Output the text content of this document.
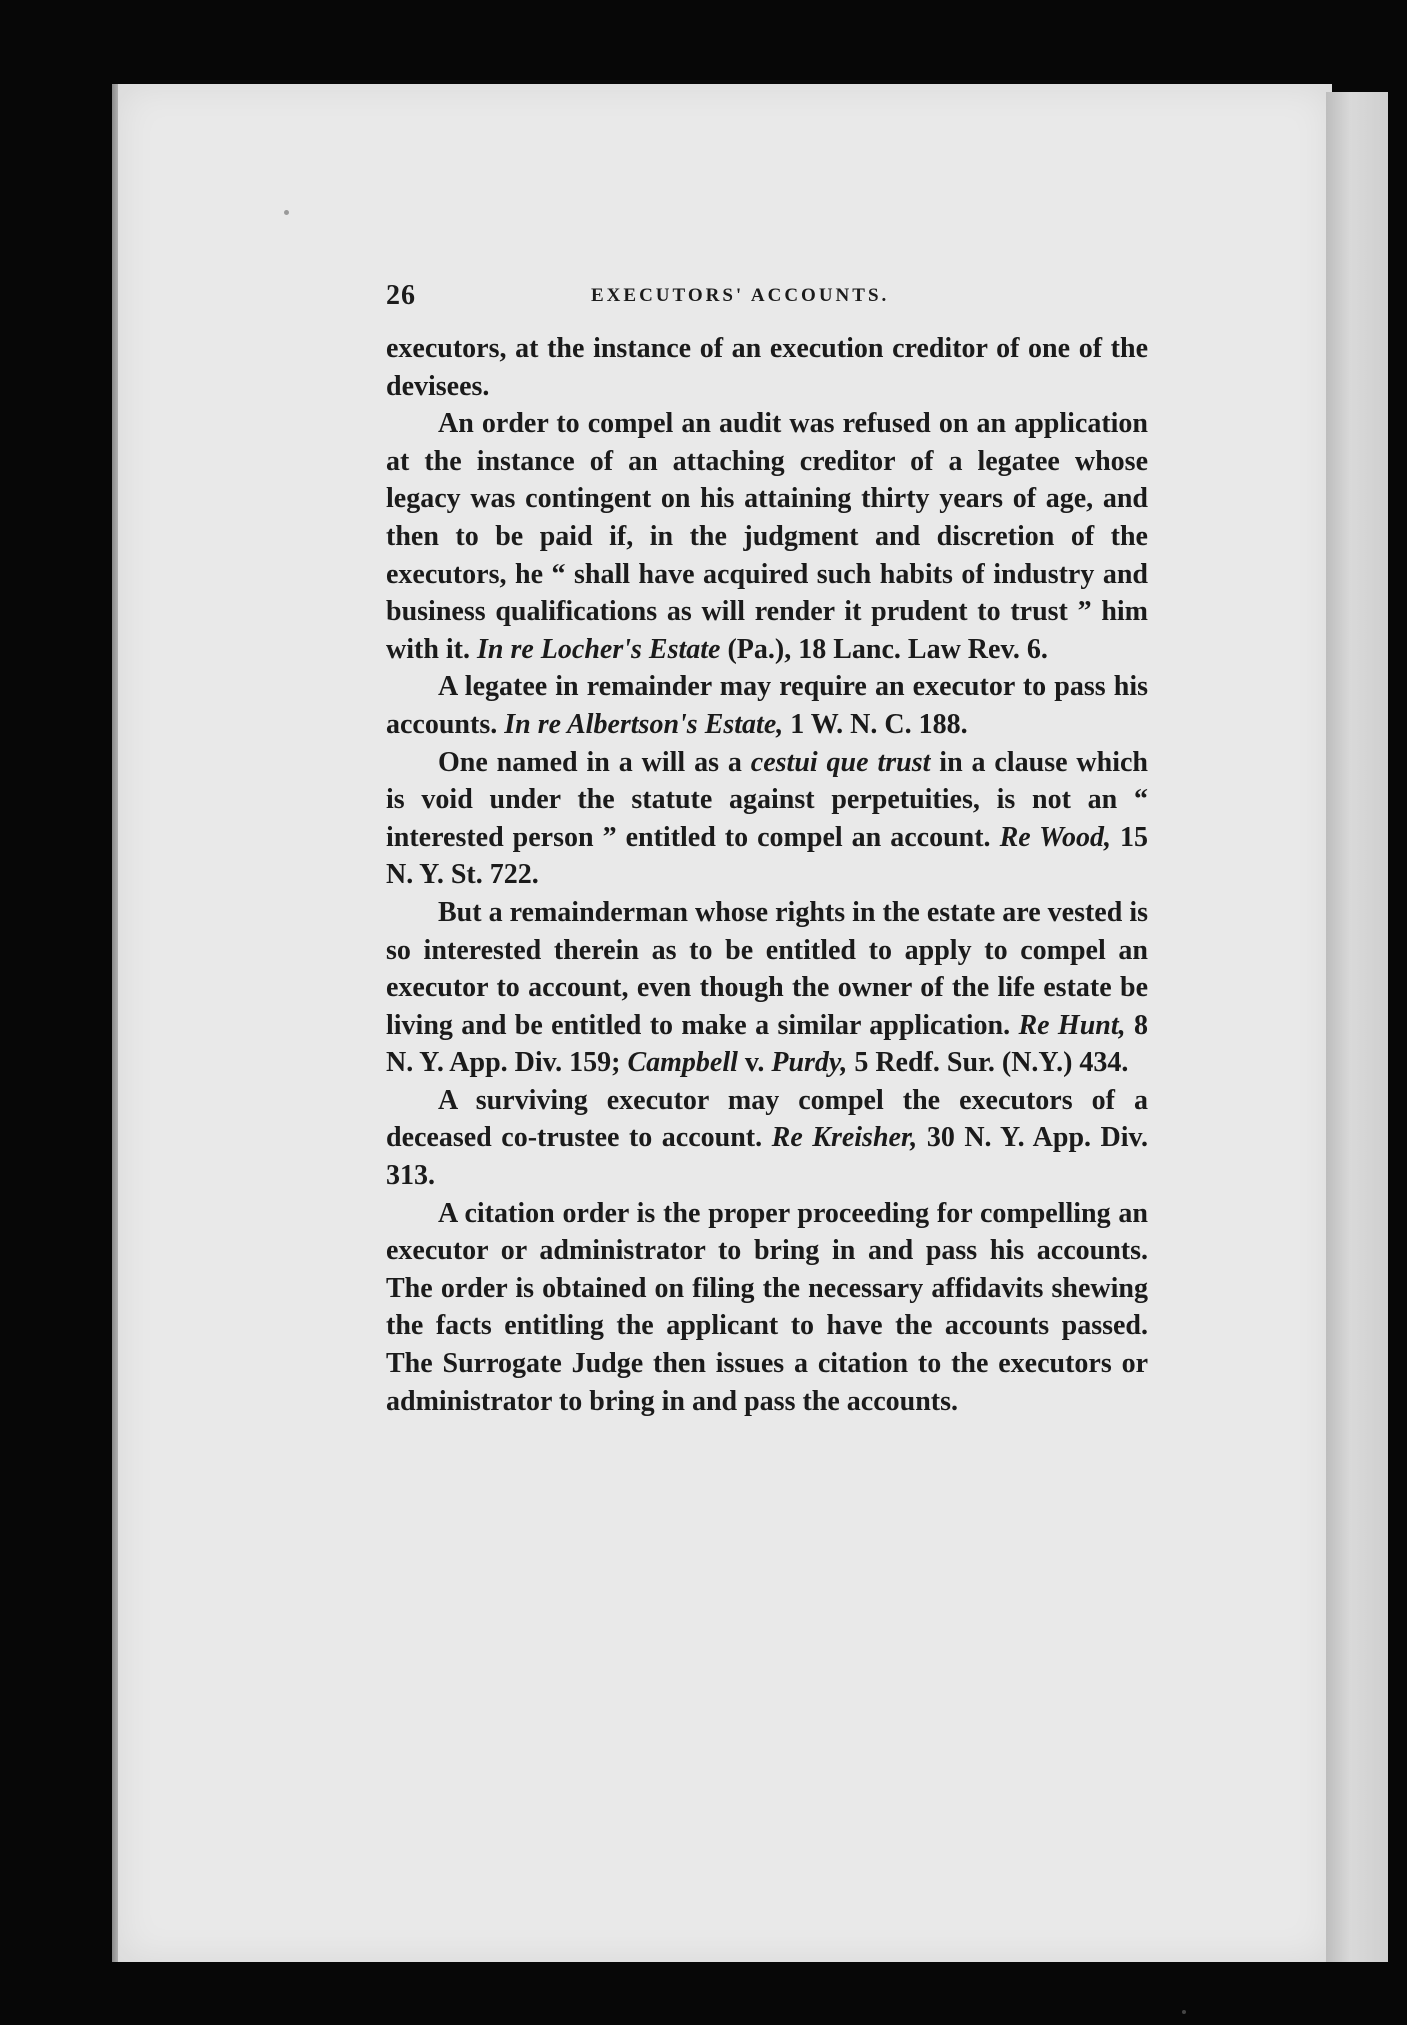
26	EXECUTORS' ACCOUNTS.

executors, at the instance of an execution creditor of one of the devisees.

An order to compel an audit was refused on an application at the instance of an attaching creditor of a legatee whose legacy was contingent on his attaining thirty years of age, and then to be paid if, in the judgment and discretion of the executors, he “ shall have acquired such habits of industry and business qualifications as will render it prudent to trust ” him with it. In re Locher's Estate (Pa.), 18 Lanc. Law Rev. 6.

A legatee in remainder may require an executor to pass his accounts. In re Albertson's Estate, 1 W. N. C. 188.

One named in a will as a cestui que trust in a clause which is void under the statute against perpetuities, is not an “ interested person ” entitled to compel an account. Re Wood, 15 N. Y. St. 722.

But a remainderman whose rights in the estate are vested is so interested therein as to be entitled to apply to compel an executor to account, even though the owner of the life estate be living and be entitled to make a similar application. Re Hunt, 8 N. Y. App. Div. 159; Campbell v. Purdy, 5 Redf. Sur. (N.Y.) 434.

A surviving executor may compel the executors of a deceased co-trustee to account. Re Kreisher, 30 N. Y. App. Div. 313.

A citation order is the proper proceeding for compelling an executor or administrator to bring in and pass his accounts. The order is obtained on filing the necessary affidavits shewing the facts entitling the applicant to have the accounts passed. The Surrogate Judge then issues a citation to the executors or administrator to bring in and pass the accounts.
